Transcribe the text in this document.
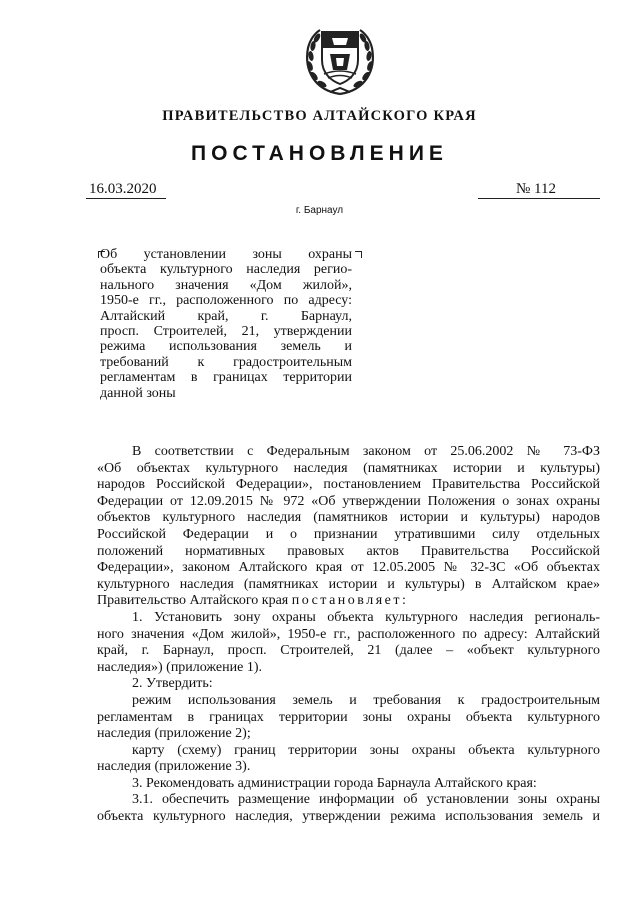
ПРАВИТЕЛЬСТВО АЛТАЙСКОГО КРАЯ
ПОСТАНОВЛЕНИЕ
16.03.2020	№ 112
г. Барнаул
Об установлении зоны охраны
объекта культурного наследия регио-
нального значения «Дом жилой»,
1950-е гг., расположенного по адресу:
Алтайский край, г. Барнаул,
просп. Строителей, 21, утверждении
режима использования земель и
требований к градостроительным
регламентам в границах территории
данной зоны
В соответствии с Федеральным законом от 25.06.2002 № 73-ФЗ
«Об объектах культурного наследия (памятниках истории и культуры)
народов Российской Федерации», постановлением Правительства Российской
Федерации от 12.09.2015 № 972 «Об утверждении Положения о зонах охраны
объектов культурного наследия (памятников истории и культуры) народов
Российской Федерации и о признании утратившими силу отдельных
положений нормативных правовых актов Правительства Российской
Федерации», законом Алтайского края от 12.05.2005 № 32-ЗС «Об объектах
культурного наследия (памятниках истории и культуры) в Алтайском крае»
Правительство Алтайского края постановляет:
1. Установить зону охраны объекта культурного наследия региональ-
ного значения «Дом жилой», 1950-е гг., расположенного по адресу: Алтайский
край, г. Барнаул, просп. Строителей, 21 (далее – «объект культурного
наследия») (приложение 1).
2. Утвердить:
режим использования земель и требования к градостроительным
регламентам в границах территории зоны охраны объекта культурного
наследия (приложение 2);
карту (схему) границ территории зоны охраны объекта культурного
наследия (приложение 3).
3. Рекомендовать администрации города Барнаула Алтайского края:
3.1. обеспечить размещение информации об установлении зоны охраны
объекта культурного наследия, утверждении режима использования земель и
